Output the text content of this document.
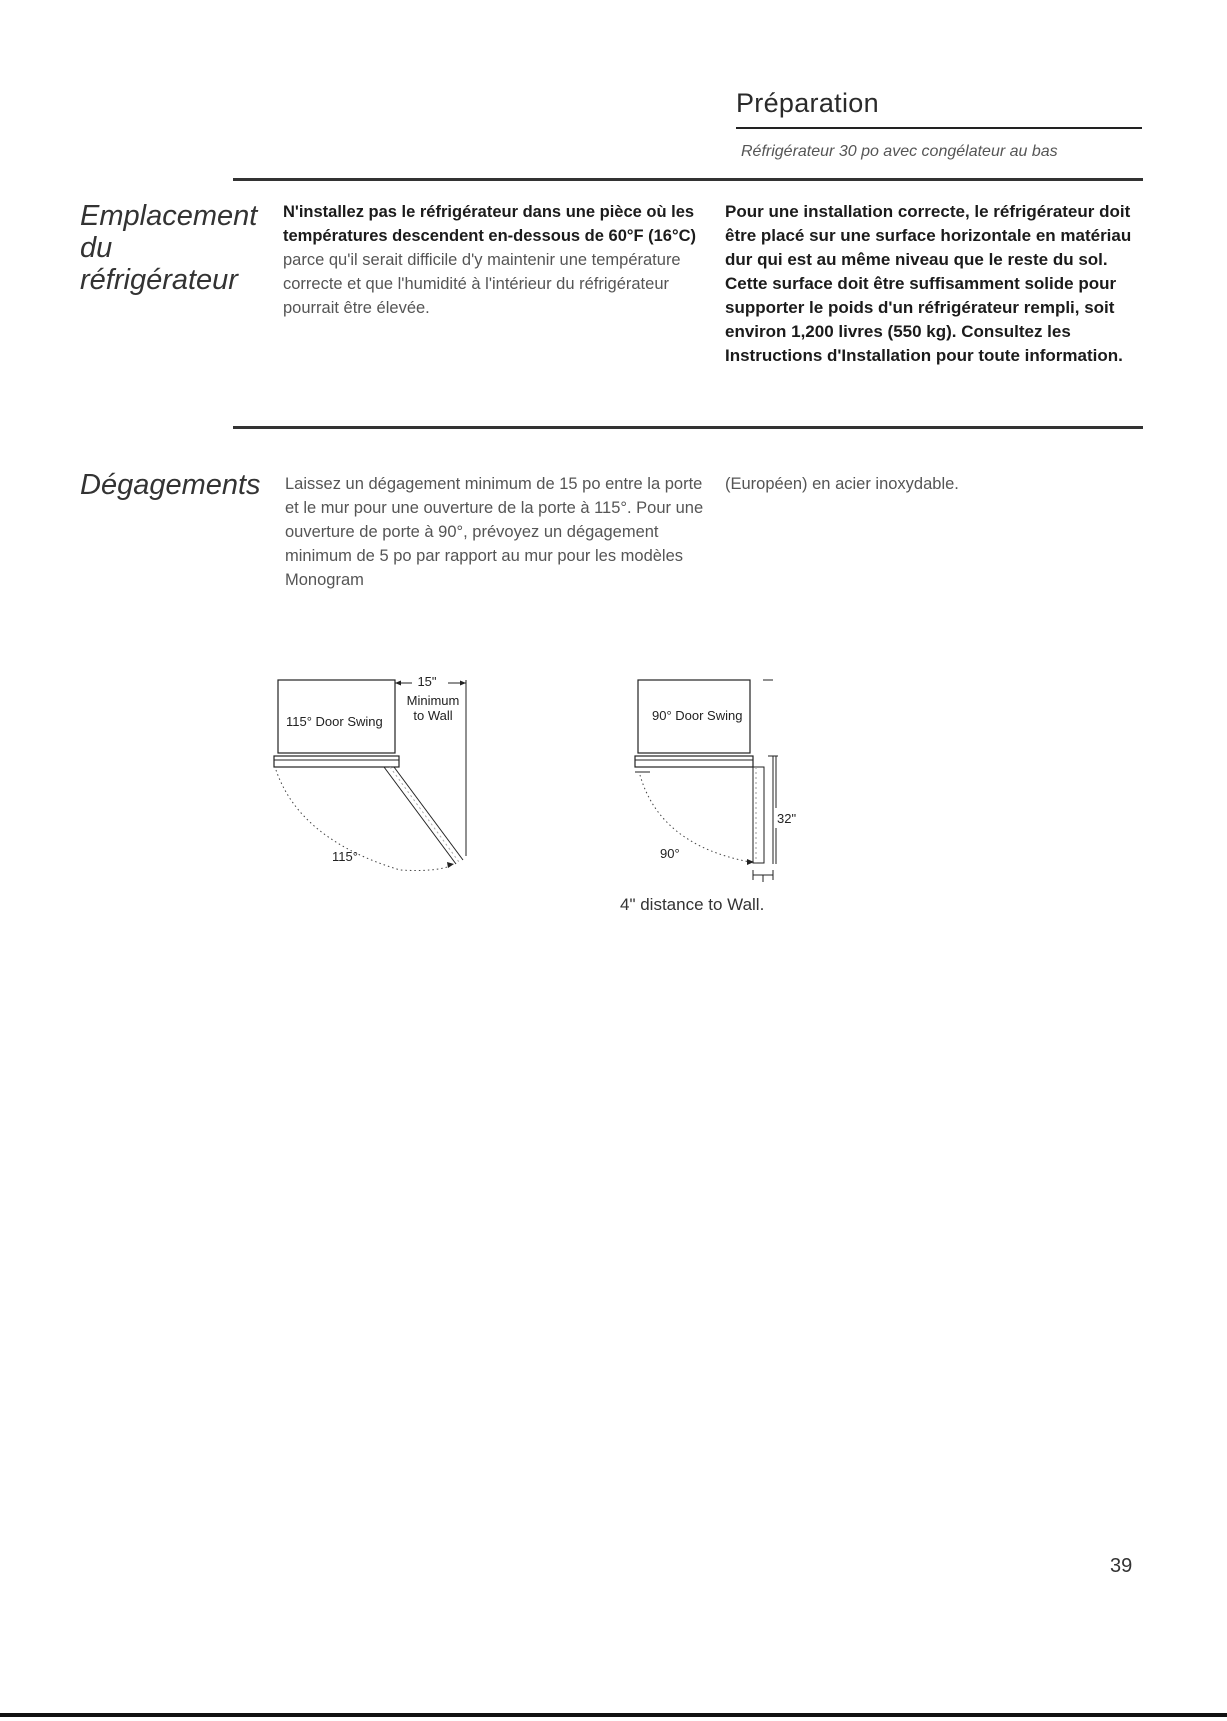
Préparation
Réfrigérateur 30 po avec congélateur au bas
Emplacement
du
réfrigérateur
N'installez pas le réfrigérateur dans une pièce où les températures descendent en-dessous de 60°F (16°C) parce qu'il serait difficile d'y maintenir une température correcte et que l'humidité à l'intérieur du réfrigérateur pourrait être élevée.
Pour une installation correcte, le réfrigérateur doit être placé sur une surface horizontale en matériau dur qui est au même niveau que le reste du sol. Cette surface doit être suffisamment solide pour supporter le poids d'un réfrigérateur rempli, soit environ 1,200 livres (550 kg). Consultez les Instructions d'Installation pour toute information.
Dégagements Laissez un dégagement minimum de 15 po entre la porte et le mur pour une ouverture de la porte à 115°. Pour une ouverture de porte à 90°, prévoyez un dégagement minimum de 5 po par rapport au mur pour les modèles Monogram
(Européen) en acier inoxydable.
15"
Minimum
to Wall
115° Door Swing
115°
32"
90° Door Swing
90°
4" distance to Wall.
39
